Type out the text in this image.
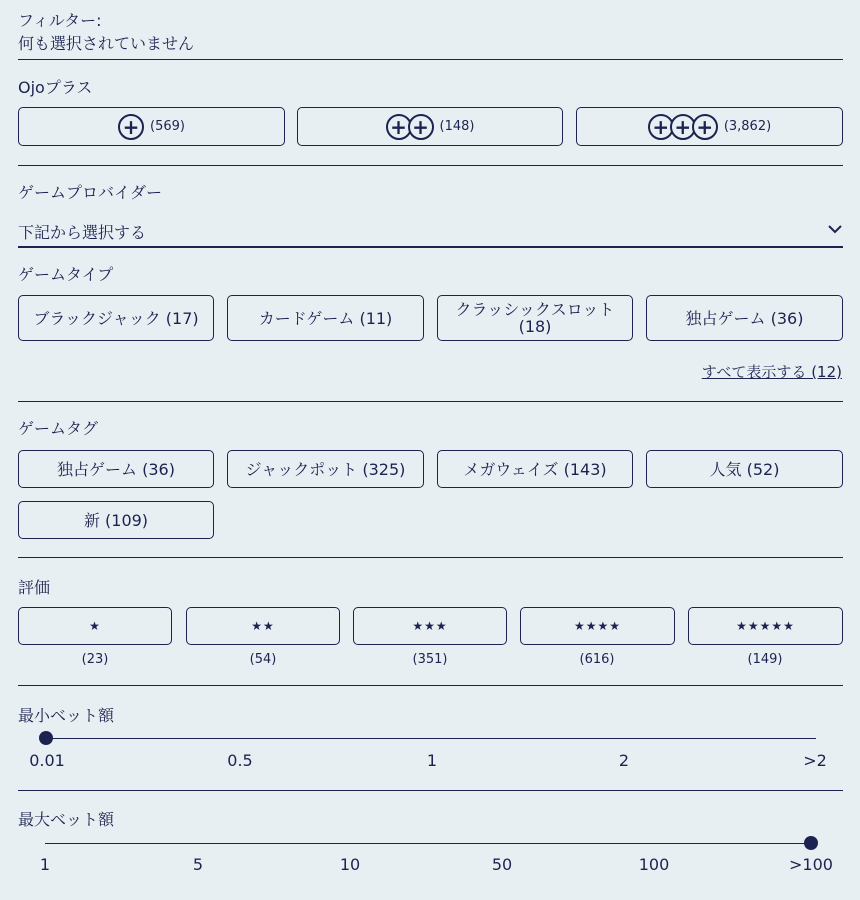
フィルター:
何も選択されていません
Ojoプラス
+ (569)	+ + (148)	+ + + (3,862)
ゲームプロバイダー
下記から選択する
ゲームタイプ
ブラックジャック (17)	カードゲーム (11)	クラッシックスロット (18)	独占ゲーム (36)
すべて表示する (12)
ゲームタグ
独占ゲーム (36)	ジャックポット (325)	メガウェイズ (143)	人気 (52)
新 (109)
評価
★	★★	★★★	★★★★	★★★★★
(23)	(54)	(351)	(616)	(149)
最小ベット額
0.01	0.5	1	2	>2
最大ベット額
1	5	10	50	100	>100
